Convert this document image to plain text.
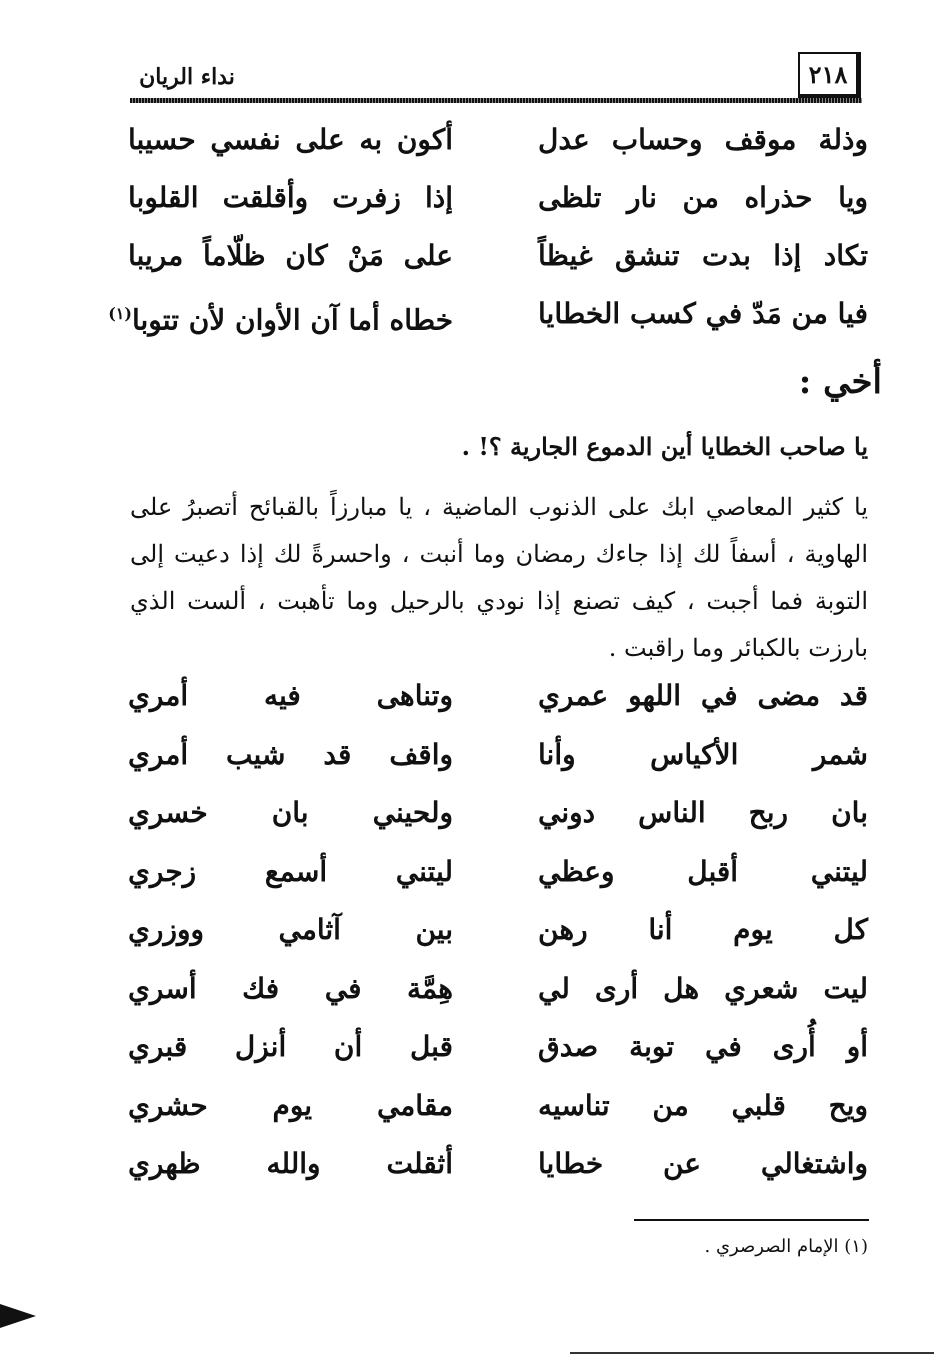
٢١٨
نداء الريان
وذلة موقف وحساب عدل
أكون به على نفسي حسيبا
ويا حذراه من نار تلظى
إذا زفرت وأقلقت القلوبا
تكاد إذا بدت تنشق غيظاً
على مَنْ كان ظلّاماً مريبا
فيا من مَدّ في كسب الخطايا
خطاه أما آن الأوان لأن تتوبا$^{(١)}$
أخي :
يا صاحب الخطايا أين الدموع الجارية ؟! .
يا كثير المعاصي ابك على الذنوب الماضية ، يا مبارزاً بالقبائح أتصبرُ على الهاوية ، أسفاً لك إذا جاءك رمضان وما أنبت ، واحسرةً لك إذا دعيت إلى التوبة فما أجبت ، كيف تصنع إذا نودي بالرحيل وما تأهبت ، ألست الذي بارزت بالكبائر وما راقبت .
قد مضى في اللهو عمري
وتناهى فيه أمري
شمر الأكياس وأنا
واقف قد شيب أمري
بان ربح الناس دوني
ولحيني بان خسري
ليتني أقبل وعظي
ليتني أسمع زجري
كل يوم أنا رهن
بين آثامي ووزري
ليت شعري هل أرى لي
هِمَّة في فك أسري
أو أُرى في توبة صدق
قبل أن أنزل قبري
ويح قلبي من تناسيه
مقامي يوم حشري
واشتغالي عن خطايا
أثقلت والله ظهري
(١) الإمام الصرصري .
